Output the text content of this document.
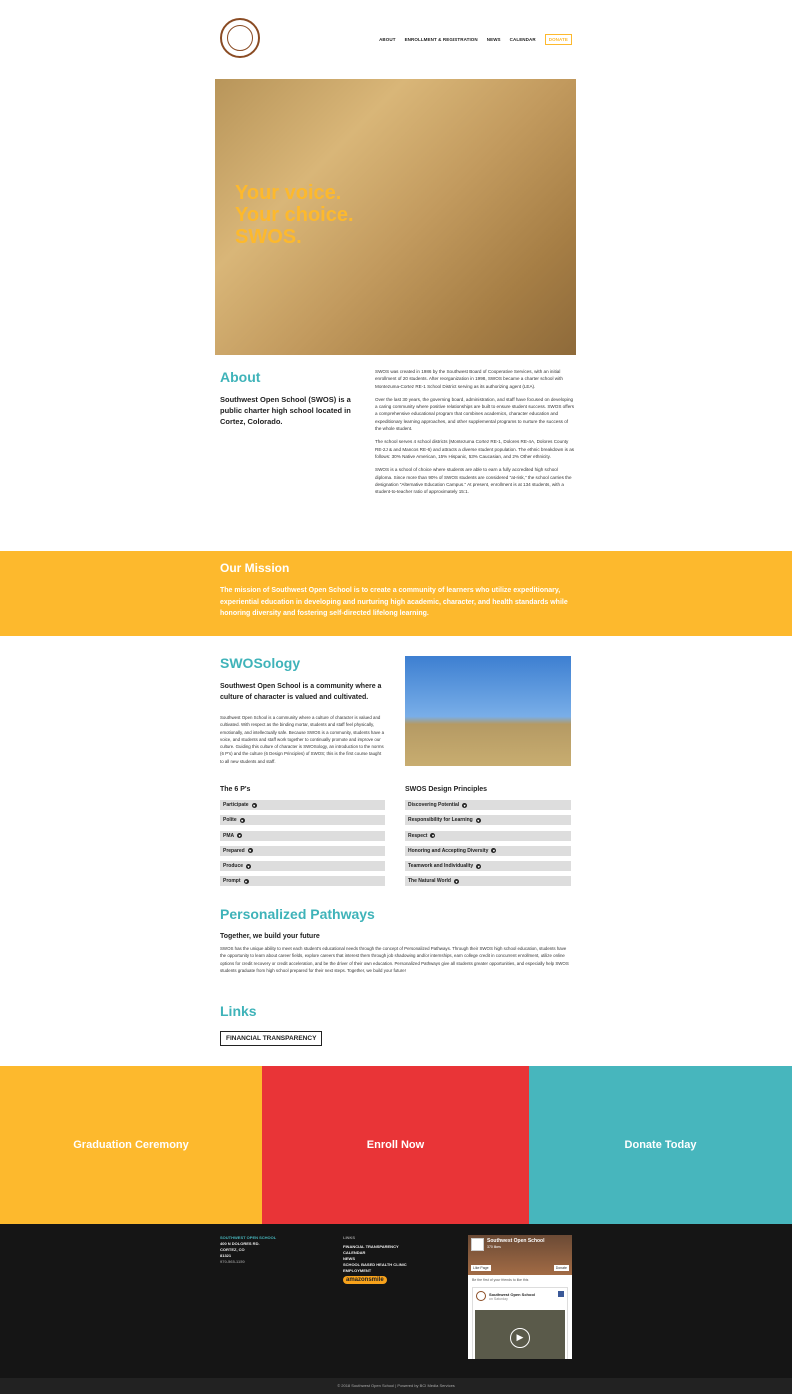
ABOUT ENROLLMENT & REGISTRATION NEWS CALENDAR	DONATE
Your voice.
Your choice.
SWOS.
About
Southwest Open School (SWOS) is a public charter high school located in Cortez, Colorado.

SWOS was created in 1986 by the Southwest Board of Cooperative Services, with an initial enrollment of 20 students. After reorganization in 1998, SWOS became a charter school with Montezuma-Cortez RE-1 School District serving as its authorizing agent (LEA).

Over the last 30 years, the governing board, administration, and staff have focused on developing a caring community where positive relationships are built to ensure student success. SWOS offers a comprehensive educational program that combines academics, character education and expeditionary learning approaches, and other supplemental programs to nurture the success of the whole student.

The school serves 4 school districts (Montezuma Cortez RE-1, Dolores RE-4A, Dolores County RE-2J & and Mancos RE-6) and attracts a diverse student population. The ethnic breakdown is as follows: 30% Native American, 15% Hispanic, 53% Caucasian, and 2% Other ethnicity.

SWOS is a school of choice where students are able to earn a fully accredited high school diploma. Since more than 90% of SWOS students are considered "at-risk," the school carries the designation "Alternative Education Campus." At present, enrollment is at 134 students, with a student-to-teacher ratio of approximately 15:1.

Our Mission
The mission of Southwest Open School is to create a community of learners who utilize expeditionary, experiential education in developing and nurturing high academic, character, and health standards while honoring diversity and fostering self-directed lifelong learning.
SWOSology
Southwest Open School is a community where a culture of character is valued and cultivated.
Southwest Open School is a community where a culture of character is valued and cultivated. With respect as the binding mortar, students and staff feel physically, emotionally, and intellectually safe. Because SWOS is a community, students have a voice, and students and staff work together to continually promote and improve our culture. Guiding this culture of character is SWOSology, an introduction to the norms (6 P's) and the culture (6 Design Principles) of SWOS; this is the first course taught to all new students and staff.
The 6 P's
Participate	▾
Polite	▾
PMA	▾
Prepared	▾
Produce	▾
Prompt	▾
SWOS Design Principles
Discovering Potential	▾
Responsibility for Learning	▾
Respect	▾
Honoring and Accepting Diversity	▾
Teamwork and Individuality	▾
The Natural World	▾
Personalized Pathways
Together, we build your future
SWOS has the unique ability to meet each student's educational needs through the concept of Personalized Pathways. Through their SWOS high school education, students have the opportunity to learn about career fields, explore careers that interest them through job shadowing and/or internships, earn college credit in concurrent enrollment, utilize online options for credit recovery or credit acceleration, and be the driver of their own education. Personalized Pathways give all students greater opportunities, and especially help SWOS students graduate from high school prepared for their next steps. Together, we build your future!
Links
FINANCIAL TRANSPARENCY
Graduation Ceremony	Enroll Now	Donate Today
SOUTHWEST OPEN SCHOOL
400 N DOLORES RD.
CORTEZ, CO
81321
970-565-1150
LINKS
FINANCIAL TRANSPARENCY
CALENDAR
NEWS
SCHOOL BASED HEALTH CLINIC
EMPLOYMENT
amazonsmile
Southwest Open School
370 likes
Like Page	Donate
Be the first of your friends to like this
Southwest Open School
on Saturday
▶
© 2018 Southwest Open School | Powered by BCI Media Services
